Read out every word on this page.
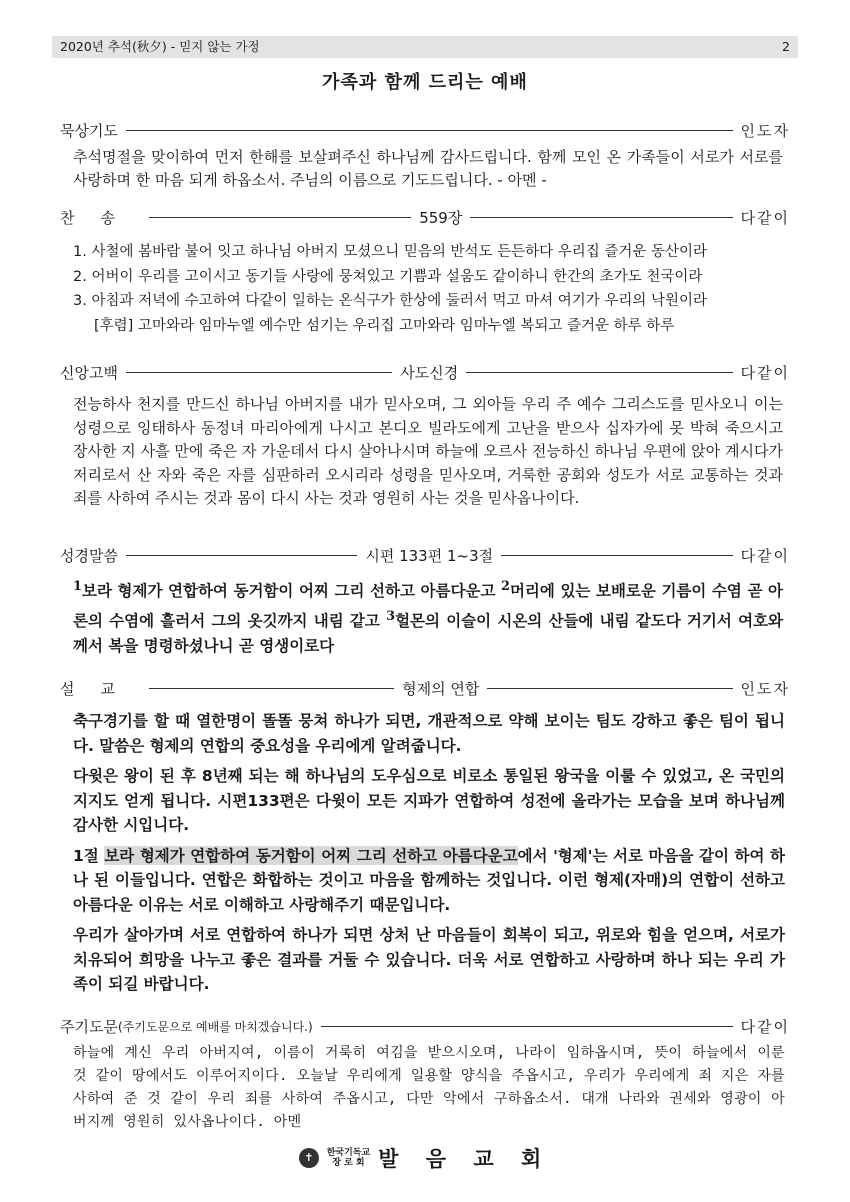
2020년 추석(秋夕) - 믿지 않는 가정	2
가족과 함께 드리는 예배
묵상기도	인도자
추석명절을 맞이하여 먼저 한해를 보살펴주신 하나님께 감사드립니다. 함께 모인 온 가족들이 서로가 서로를 사랑하며 한 마음 되게 하옵소서. 주님의 이름으로 기도드립니다. - 아멘 -
찬송	559장	다같이
1. 사철에 봄바람 불어 잇고 하나님 아버지 모셨으니 믿음의 반석도 든든하다 우리집 즐거운 동산이라
2. 어버이 우리를 고이시고 동기들 사랑에 뭉쳐있고 기쁨과 설움도 같이하니 한간의 초가도 천국이라
3. 아침과 저녁에 수고하여 다같이 일하는 온식구가 한상에 둘러서 먹고 마셔 여기가 우리의 낙원이라
[후렴] 고마와라 임마누엘 예수만 섬기는 우리집 고마와라 임마누엘 복되고 즐거운 하루 하루
신앙고백	사도신경	다같이
전능하사 천지를 만드신 하나님 아버지를 내가 믿사오며, 그 외아들 우리 주 예수 그리스도를 믿사오니 이는 성령으로 잉태하사 동정녀 마리아에게 나시고 본디오 빌라도에게 고난을 받으사 십자가에 못 박혀 죽으시고 장사한 지 사흘 만에 죽은 자 가운데서 다시 살아나시며 하늘에 오르사 전능하신 하나님 우편에 앉아 계시다가 저리로서 산 자와 죽은 자를 심판하러 오시리라 성령을 믿사오며, 거룩한 공회와 성도가 서로 교통하는 것과 죄를 사하여 주시는 것과 몸이 다시 사는 것과 영원히 사는 것을 믿사옵나이다.
성경말씀	시편 133편 1~3절	다같이
$^1$보라 형제가 연합하여 동거함이 어찌 그리 선하고 아름다운고 $^2$머리에 있는 보배로운 기름이 수염 곧 아론의 수염에 흘러서 그의 옷깃까지 내림 같고 $^3$헐몬의 이슬이 시온의 산들에 내림 같도다 거기서 여호와께서 복을 명령하셨나니 곧 영생이로다
설교	형제의 연합	인도자

축구경기를 할 때 열한명이 똘똘 뭉쳐 하나가 되면, 개관적으로 약해 보이는 팀도 강하고 좋은 팀이 됩니다. 말씀은 형제의 연합의 중요성을 우리에게 알려줍니다.

다윗은 왕이 된 후 8년째 되는 해 하나님의 도우심으로 비로소 통일된 왕국을 이룰 수 있었고, 온 국민의 지지도 얻게 됩니다. 시편133편은 다윗이 모든 지파가 연합하여 성전에 올라가는 모습을 보며 하나님께 감사한 시입니다.

1절 보라 형제가 연합하여 동거함이 어찌 그리 선하고 아름다운고에서 '형제'는 서로 마음을 같이 하여 하나 된 이들입니다. 연합은 화합하는 것이고 마음을 함께하는 것입니다. 이런 형제(자매)의 연합이 선하고 아름다운 이유는 서로 이해하고 사랑해주기 때문입니다.

우리가 살아가며 서로 연합하여 하나가 되면 상처 난 마음들이 회복이 되고, 위로와 힘을 얻으며, 서로가 치유되어 희망을 나누고 좋은 결과를 거둘 수 있습니다. 더욱 서로 연합하고 사랑하며 하나 되는 우리 가족이 되길 바랍니다.

주기도문 (주기도문으로 예배를 마치겠습니다.)	다같이
하늘에 계신 우리 아버지여, 이름이 거룩히 여김을 받으시오며, 나라이 임하옵시며, 뜻이 하늘에서 이룬 것 같이 땅에서도 이루어지이다. 오늘날 우리에게 일용할 양식을 주옵시고, 우리가 우리에게 죄 지은 자를 사하여 준 것 같이 우리 죄를 사하여 주옵시고, 다만 악에서 구하옵소서. 대개 나라와 권세와 영광이 아버지께 영원히 있사옵나이다. 아멘
✝	한국기독교
장 로 회 발 음 교 회
